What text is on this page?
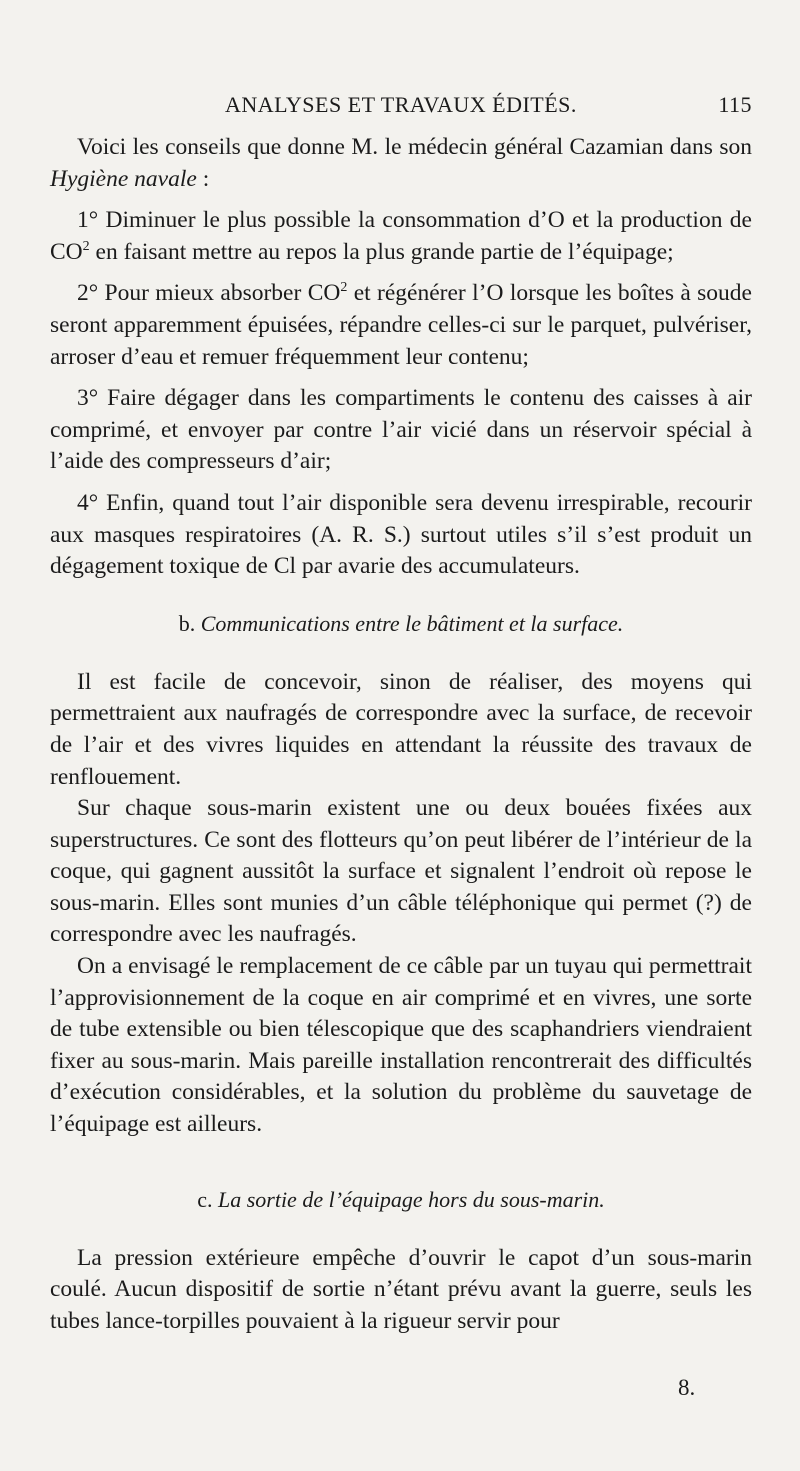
ANALYSES ET TRAVAUX ÉDITÉS.	115

Voici les conseils que donne M. le médecin général Cazamian dans son Hygiène navale :

1° Diminuer le plus possible la consommation d’O et la production de $CO^2$ en faisant mettre au repos la plus grande partie de l’équipage;

2° Pour mieux absorber $CO^2$ et régénérer l’O lorsque les boîtes à soude seront apparemment épuisées, répandre celles-ci sur le parquet, pulvériser, arroser d’eau et remuer fréquemment leur contenu;

3° Faire dégager dans les compartiments le contenu des caisses à air comprimé, et envoyer par contre l’air vicié dans un réservoir spécial à l’aide des compresseurs d’air;

4° Enfin, quand tout l’air disponible sera devenu irrespirable, recourir aux masques respiratoires (A. R. S.) surtout utiles s’il s’est produit un dégagement toxique de Cl par avarie des accumulateurs.

b. Communications entre le bâtiment et la surface.

Il est facile de concevoir, sinon de réaliser, des moyens qui permettraient aux naufragés de correspondre avec la surface, de recevoir de l’air et des vivres liquides en attendant la réussite des travaux de renflouement.

Sur chaque sous-marin existent une ou deux bouées fixées aux superstructures. Ce sont des flotteurs qu’on peut libérer de l’intérieur de la coque, qui gagnent aussitôt la surface et signalent l’endroit où repose le sous-marin. Elles sont munies d’un câble téléphonique qui permet (?) de correspondre avec les naufragés.

On a envisagé le remplacement de ce câble par un tuyau qui permettrait l’approvisionnement de la coque en air comprimé et en vivres, une sorte de tube extensible ou bien télescopique que des scaphandriers viendraient fixer au sous-marin. Mais pareille installation rencontrerait des difficultés d’exécution considérables, et la solution du problème du sauvetage de l’équipage est ailleurs.

c. La sortie de l’équipage hors du sous-marin.

La pression extérieure empêche d’ouvrir le capot d’un sous-marin coulé. Aucun dispositif de sortie n’étant prévu avant la guerre, seuls les tubes lance-torpilles pouvaient à la rigueur servir pour

8.
